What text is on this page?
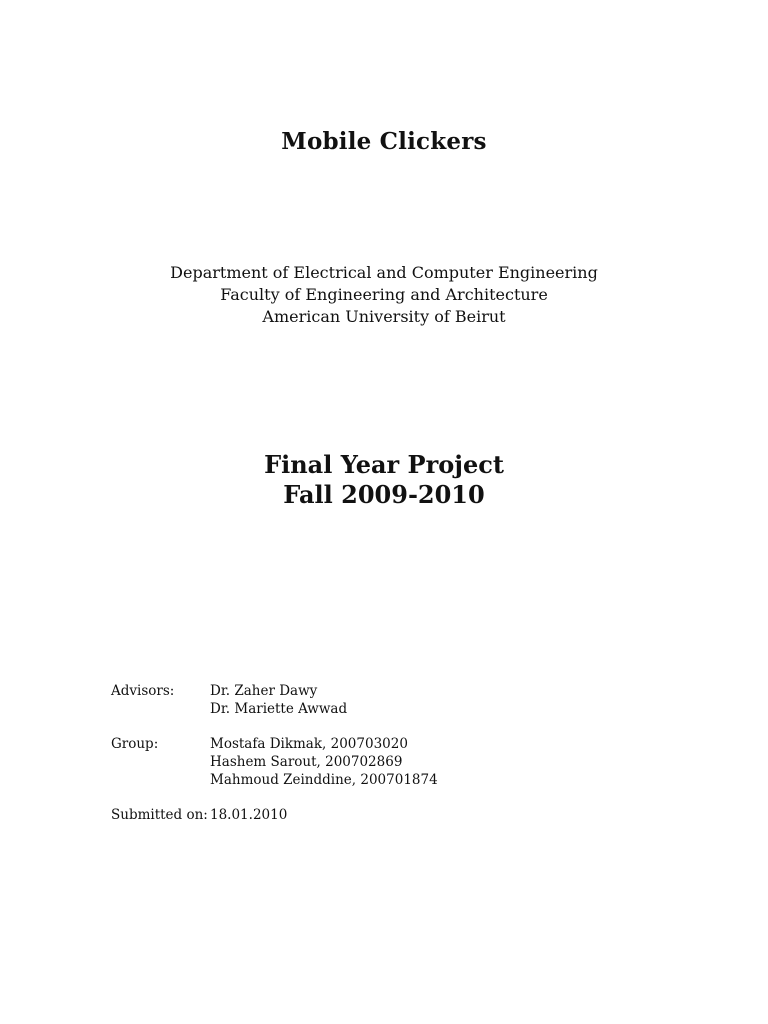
Mobile Clickers
Department of Electrical and Computer Engineering
Faculty of Engineering and Architecture
American University of Beirut
Final Year Project
Fall 2009-2010
Advisors:	Dr. Zaher Dawy
Dr. Mariette Awwad
Group:	Mostafa Dikmak, 200703020
Hashem Sarout, 200702869
Mahmoud Zeinddine, 200701874
Submitted on: 18.01.2010
